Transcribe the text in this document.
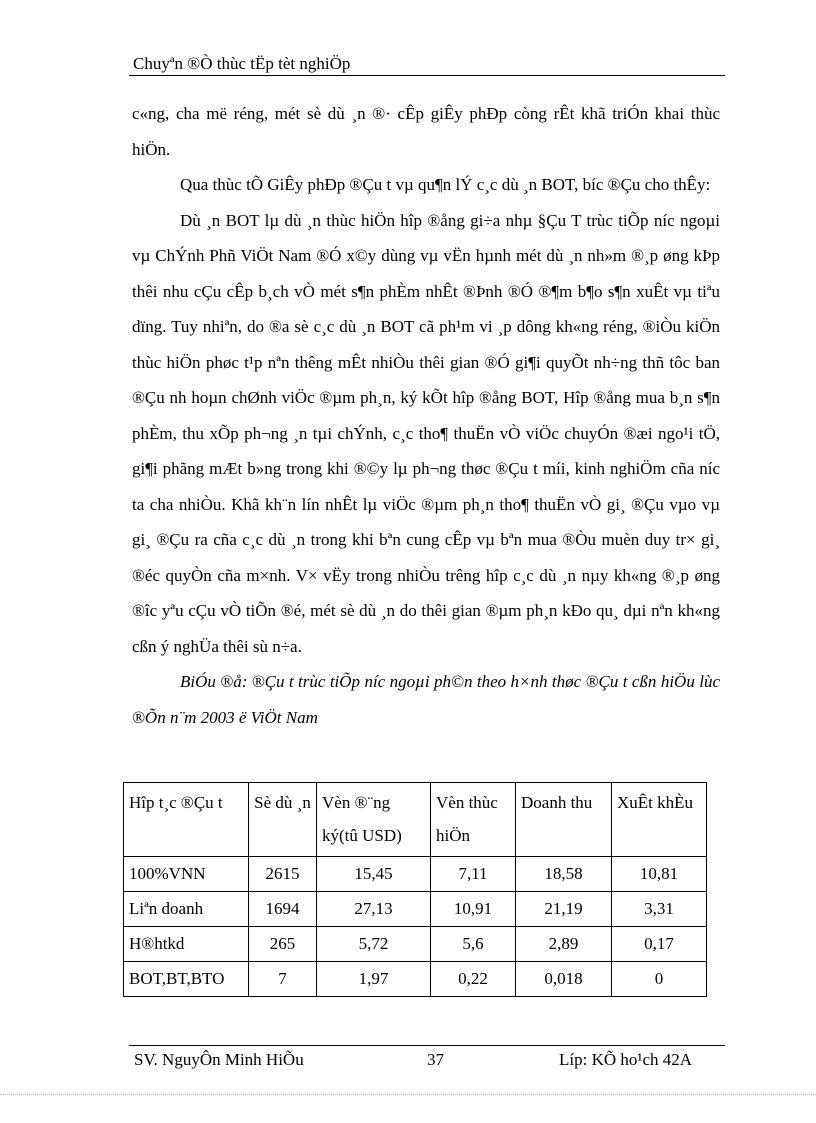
Chuyªn ®Ò thùc tËp tèt nghiÖp

c«ng, cha më réng, mét sè dù ¸n ®· cÊp giÊy phÐp còng rÊt khã triÓn khai thùc hiÖn.

Qua thùc tÕ GiÊy phÐp ®Çu t vµ qu¶n lÝ c¸c dù ¸n BOT, bíc ®Çu cho thÊy:

Dù ¸n BOT lµ dù ¸n thùc hiÖn hîp ®ång gi÷a nhµ §Çu T trùc tiÕp níc ngoµi vµ ChÝnh Phñ ViÖt Nam ®Ó x©y dùng vµ vËn hµnh mét dù ¸n nh»m ®¸p øng kÞp thêi nhu cÇu cÊp b¸ch vÒ mét s¶n phÈm nhÊt ®Þnh ®Ó ®¶m b¶o s¶n xuÊt vµ tiªu dïng. Tuy nhiªn, do ®a sè c¸c dù ¸n BOT cã ph¹m vi ¸p dông kh«ng réng, ®iÒu kiÖn thùc hiÖn phøc t¹p nªn thêng mÊt nhiÒu thêi gian ®Ó gi¶i quyÕt nh÷ng thñ tôc ban ®Çu nh hoµn chØnh viÖc ®µm ph¸n, ký kÕt hîp ®ång BOT, Hîp ®ång mua b¸n s¶n phÈm, thu xÕp ph¬ng ¸n tµi chÝnh, c¸c tho¶ thuËn vÒ viÖc chuyÓn ®æi ngo¹i tÖ, gi¶i phãng mÆt b»ng trong khi ®©y lµ ph¬ng thøc ®Çu t míi, kinh nghiÖm cña níc ta cha nhiÒu. Khã kh¨n lín nhÊt lµ viÖc ®µm ph¸n tho¶ thuËn vÒ gi¸ ®Çu vµo vµ gi¸ ®Çu ra cña c¸c dù ¸n trong khi bªn cung cÊp vµ bªn mua ®Òu muèn duy tr× gi¸ ®éc quyÒn cña m×nh. V× vËy trong nhiÒu trêng hîp c¸c dù ¸n nµy kh«ng ®¸p øng ®îc yªu cÇu vÒ tiÕn ®é, mét sè dù ¸n do thêi gian ®µm ph¸n kÐo qu¸ dµi nªn kh«ng cßn ý nghÜa thêi sù n÷a.

BiÓu ®å: ®Çu t trùc tiÕp níc ngoµi ph©n theo h×nh thøc ®Çu t cßn hiÖu lùc ®Õn n¨m 2003 ë ViÖt Nam

Hîp t¸c ®Çu t	Sè dù ¸n	Vèn ®¨ng ký(tû USD)	Vèn thùc hiÖn	Doanh thu	XuÊt khÈu
100%VNN	2615	15,45	7,11	18,58	10,81
Liªn doanh	1694	27,13	10,91	21,19	3,31
H®htkd	265	5,72	5,6	2,89	0,17
BOT,BT,BTO	7	1,97	0,22	0,018	0
SV. NguyÔn Minh HiÕu	37	Líp: KÕ ho¹ch 42A
